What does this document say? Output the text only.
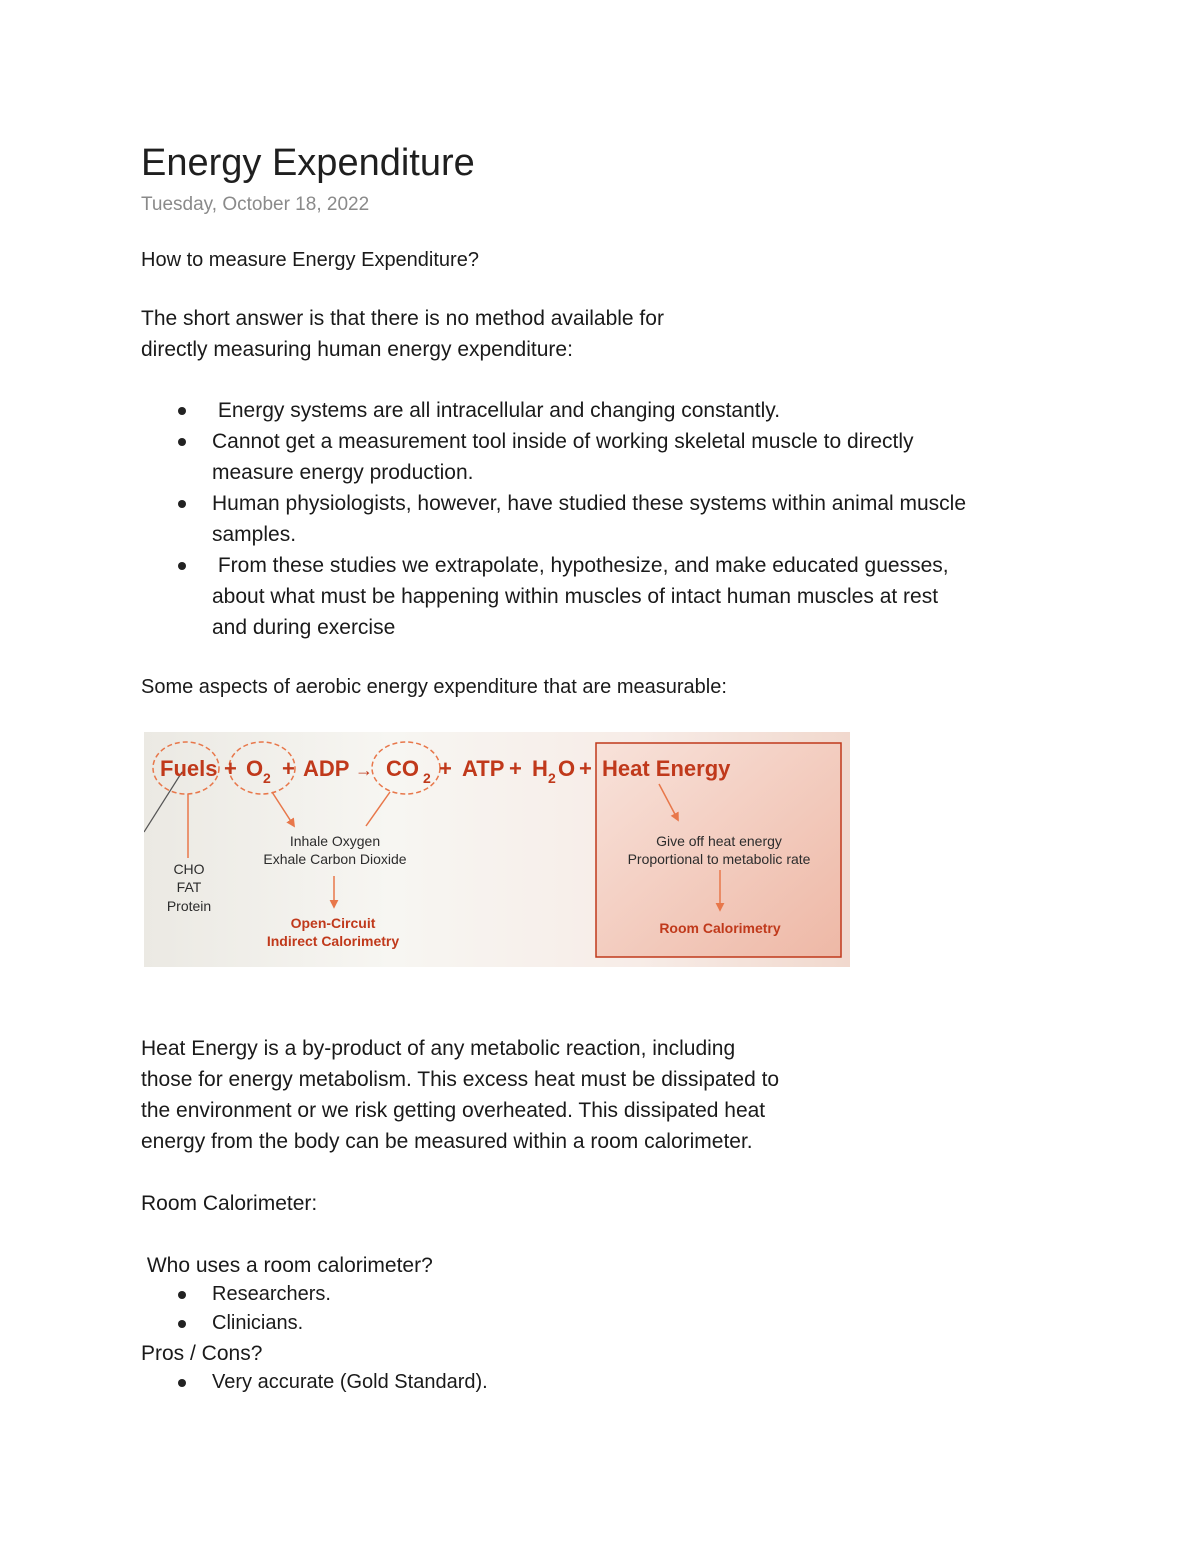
Energy Expenditure
Tuesday, October 18, 2022
How to measure Energy Expenditure?
The short answer is that there is no method available for
directly measuring human energy expenditure:
Energy systems are all intracellular and changing constantly.
Cannot get a measurement tool inside of working skeletal muscle to directly
measure energy production.
Human physiologists, however, have studied these systems within animal muscle
samples.
From these studies we extrapolate, hypothesize, and make educated guesses,
about what must be happening within muscles of intact human muscles at rest
and during exercise
Some aspects of aerobic energy expenditure that are measurable:
Fuels + O 2 + ADP → CO 2 + ATP + H 2 O + Heat Energy
CHO
FAT
Protein
Inhale Oxygen
Exhale Carbon Dioxide
Give off heat energy
Proportional to metabolic rate
Open-Circuit
Indirect Calorimetry
Room Calorimetry
Heat Energy is a by-product of any metabolic reaction, including
those for energy metabolism. This excess heat must be dissipated to
the environment or we risk getting overheated. This dissipated heat
energy from the body can be measured within a room calorimeter.
Room Calorimeter:
Who uses a room calorimeter?
Researchers.
Clinicians.
Pros / Cons?
Very accurate (Gold Standard).
